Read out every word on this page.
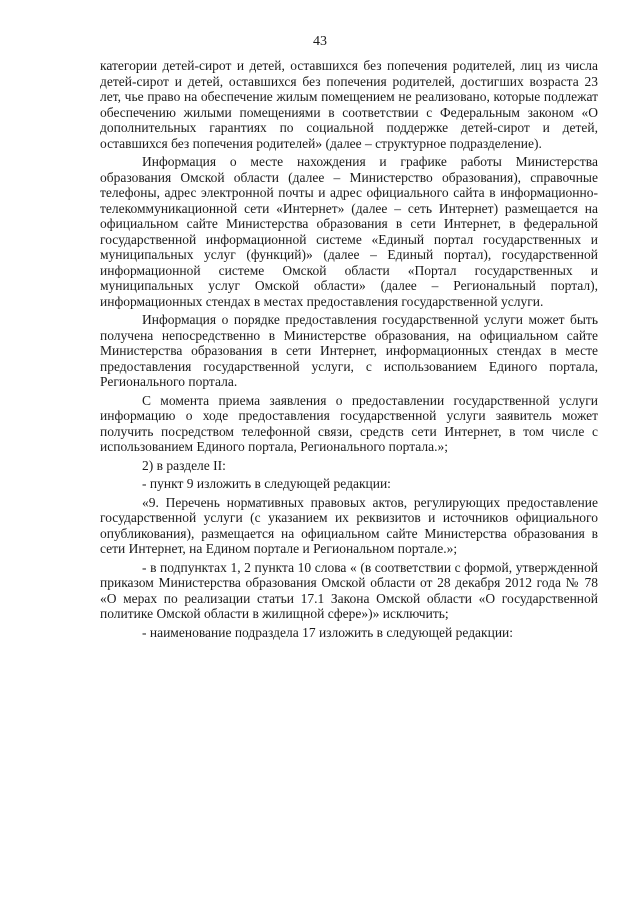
43

категории детей-сирот и детей, оставшихся без попечения родителей, лиц из числа детей-сирот и детей, оставшихся без попечения родителей, достигших возраста 23 лет, чье право на обеспечение жилым помещением не реализовано, которые подлежат обеспечению жилыми помещениями в соответствии с Федеральным законом «О дополнительных гарантиях по социальной поддержке детей-сирот и детей, оставшихся без попечения родителей» (далее – структурное подразделение).

Информация о месте нахождения и графике работы Министерства образования Омской области (далее – Министерство образования), справочные телефоны, адрес электронной почты и адрес официального сайта в информационно-телекоммуникационной сети «Интернет» (далее – сеть Интернет) размещается на официальном сайте Министерства образования в сети Интернет, в федеральной государственной информационной системе «Единый портал государственных и муниципальных услуг (функций)» (далее – Единый портал), государственной информационной системе Омской области «Портал государственных и муниципальных услуг Омской области» (далее – Региональный портал), информационных стендах в местах предоставления государственной услуги.

Информация о порядке предоставления государственной услуги может быть получена непосредственно в Министерстве образования, на официальном сайте Министерства образования в сети Интернет, информационных стендах в месте предоставления государственной услуги, с использованием Единого портала, Регионального портала.

С момента приема заявления о предоставлении государственной услуги информацию о ходе предоставления государственной услуги заявитель может получить посредством телефонной связи, средств сети Интернет, в том числе с использованием Единого портала, Регионального портала.»;

2) в разделе II:

- пункт 9 изложить в следующей редакции:

«9. Перечень нормативных правовых актов, регулирующих предоставление государственной услуги (с указанием их реквизитов и источников официального опубликования), размещается на официальном сайте Министерства образования в сети Интернет, на Едином портале и Региональном портале.»;

- в подпунктах 1, 2 пункта 10 слова « (в соответствии с формой, утвержденной приказом Министерства образования Омской области от 28 декабря 2012 года № 78 «О мерах по реализации статьи 17.1 Закона Омской области «О государственной политике Омской области в жилищной сфере»)» исключить;

- наименование подраздела 17 изложить в следующей редакции:
